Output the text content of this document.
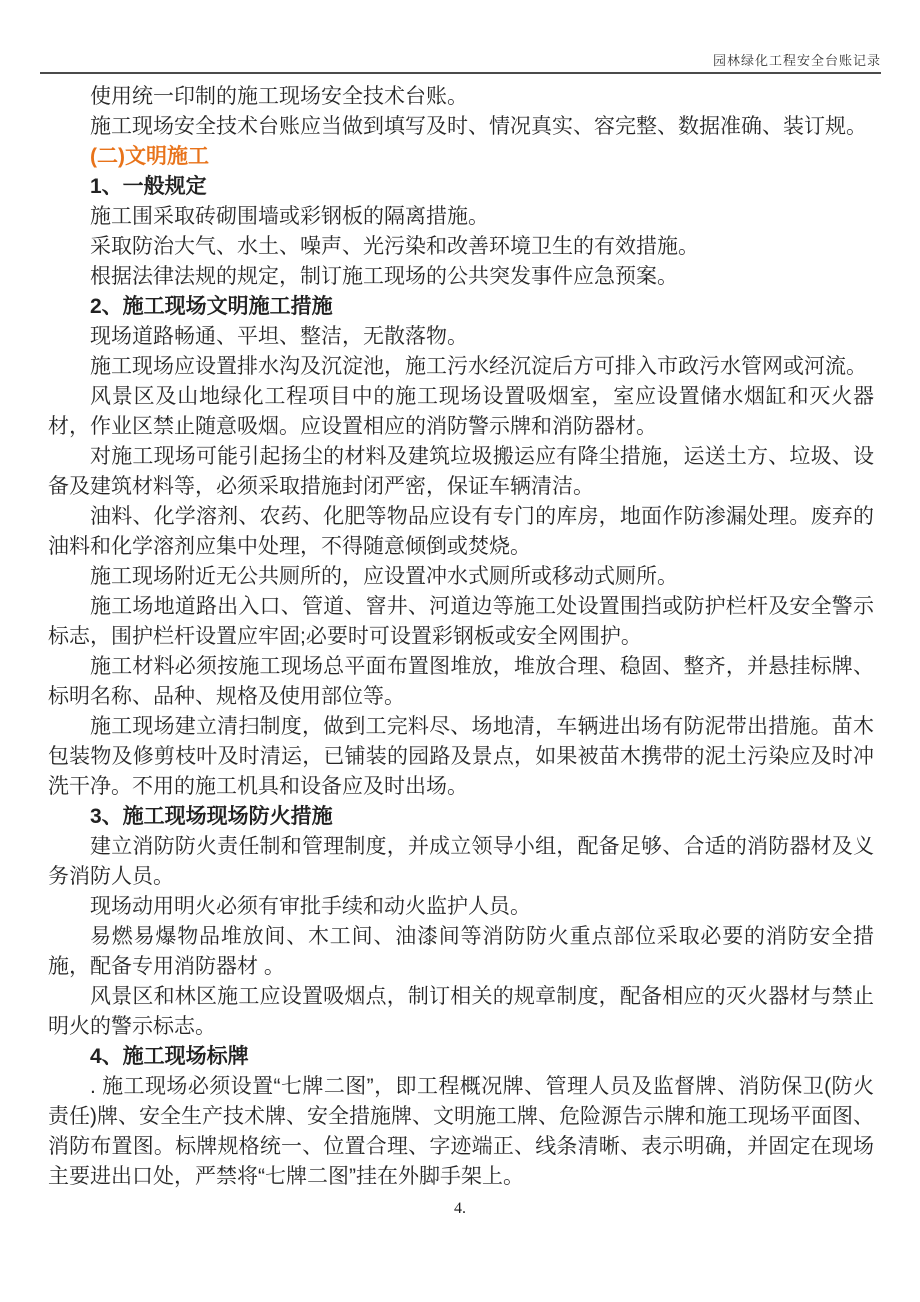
园林绿化工程安全台账记录

使用统一印制的施工现场安全技术台账。

施工现场安全技术台账应当做到填写及时、情况真实、容完整、数据准确、装订规。

(二)文明施工

1、一般规定

施工围采取砖砌围墙或彩钢板的隔离措施。

采取防治大气、水土、噪声、光污染和改善环境卫生的有效措施。

根据法律法规的规定，制订施工现场的公共突发事件应急预案。

2、施工现场文明施工措施

现场道路畅通、平坦、整洁，无散落物。

施工现场应设置排水沟及沉淀池，施工污水经沉淀后方可排入市政污水管网或河流。

风景区及山地绿化工程项目中的施工现场设置吸烟室，室应设置储水烟缸和灭火器材，作业区禁止随意吸烟。应设置相应的消防警示牌和消防器材。

对施工现场可能引起扬尘的材料及建筑垃圾搬运应有降尘措施，运送土方、垃圾、设备及建筑材料等，必须采取措施封闭严密，保证车辆清洁。

油料、化学溶剂、农药、化肥等物品应设有专门的库房，地面作防渗漏处理。废弃的油料和化学溶剂应集中处理，不得随意倾倒或焚烧。

施工现场附近无公共厕所的，应设置冲水式厕所或移动式厕所。

施工场地道路出入口、管道、窨井、河道边等施工处设置围挡或防护栏杆及安全警示标志，围护栏杆设置应牢固;必要时可设置彩钢板或安全网围护。

施工材料必须按施工现场总平面布置图堆放，堆放合理、稳固、整齐，并悬挂标牌、标明名称、品种、规格及使用部位等。

施工现场建立清扫制度，做到工完料尽、场地清，车辆进出场有防泥带出措施。苗木包装物及修剪枝叶及时清运，已铺装的园路及景点，如果被苗木携带的泥土污染应及时冲洗干净。不用的施工机具和设备应及时出场。

3、施工现场现场防火措施

建立消防防火责任制和管理制度，并成立领导小组，配备足够、合适的消防器材及义务消防人员。

现场动用明火必须有审批手续和动火监护人员。

易燃易爆物品堆放间、木工间、油漆间等消防防火重点部位采取必要的消防安全措施，配备专用消防器材 。

风景区和林区施工应设置吸烟点，制订相关的规章制度，配备相应的灭火器材与禁止明火的警示标志。

4、施工现场标牌

. 施工现场必须设置“七牌二图”，即工程概况牌、管理人员及监督牌、消防保卫(防火责任)牌、安全生产技术牌、安全措施牌、文明施工牌、危险源告示牌和施工现场平面图、消防布置图。标牌规格统一、位置合理、字迹端正、线条清晰、表示明确，并固定在现场主要进出口处，严禁将“七牌二图”挂在外脚手架上。

4.
